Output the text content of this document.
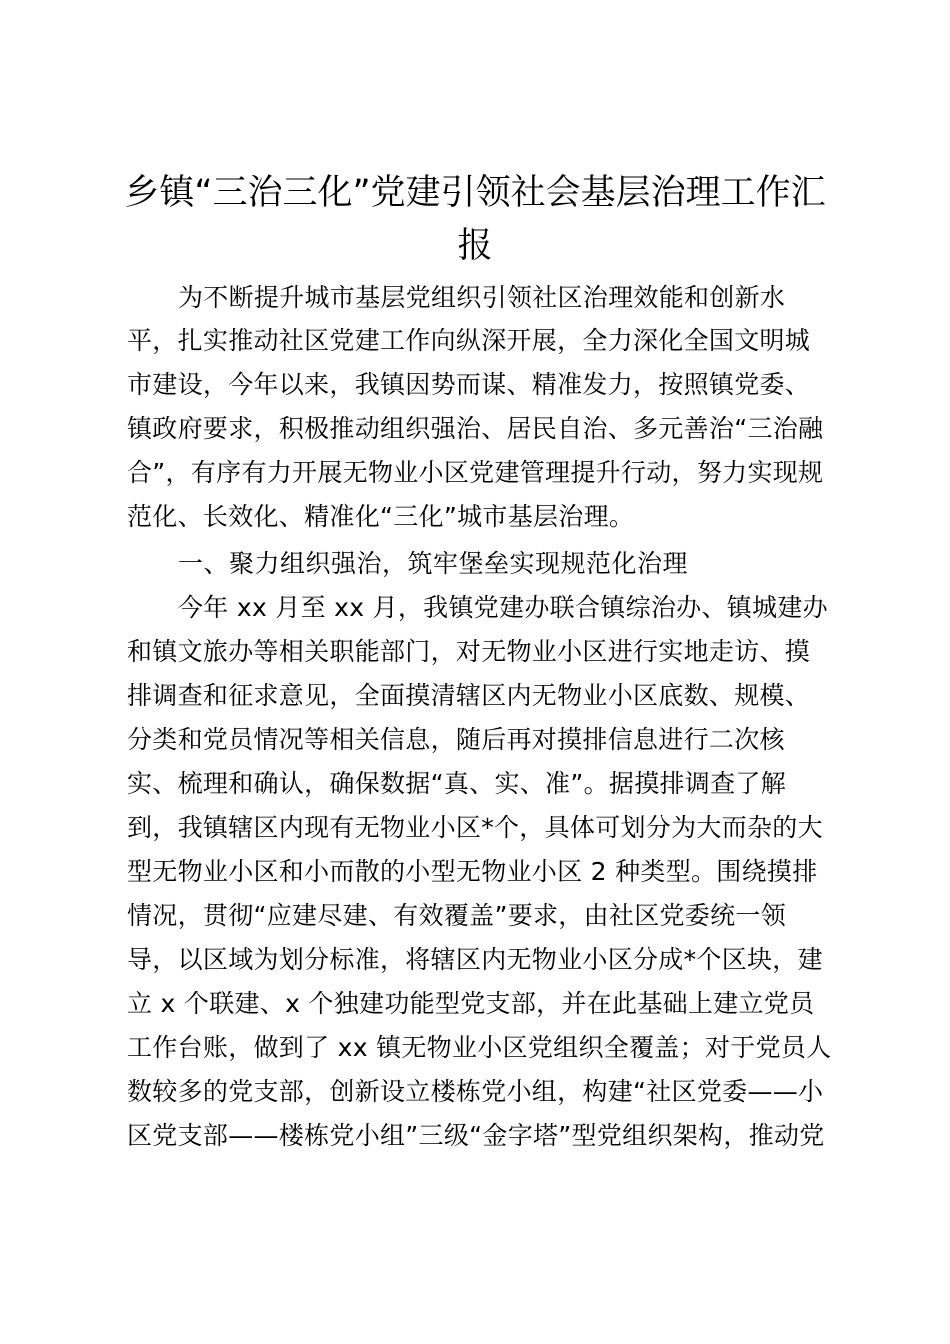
乡镇“三治三化”党建引领社会基层治理工作汇
报

为不断提升城市基层党组织引领社区治理效能和创新水

平，扎实推动社区党建工作向纵深开展，全力深化全国文明城

市建设，今年以来，我镇因势而谋、精准发力，按照镇党委、

镇政府要求，积极推动组织强治、居民自治、多元善治“三治融

合”，有序有力开展无物业小区党建管理提升行动，努力实现规

范化、长效化、精准化“三化”城市基层治理。

一、聚力组织强治，筑牢堡垒实现规范化治理

今年 xx 月至 xx 月，我镇党建办联合镇综治办、镇城建办

和镇文旅办等相关职能部门，对无物业小区进行实地走访、摸

排调查和征求意见，全面摸清辖区内无物业小区底数、规模、

分类和党员情况等相关信息，随后再对摸排信息进行二次核

实、梳理和确认，确保数据“真、实、准”。据摸排调查了解

到，我镇辖区内现有无物业小区*个，具体可划分为大而杂的大

型无物业小区和小而散的小型无物业小区 2 种类型。围绕摸排

情况，贯彻“应建尽建、有效覆盖”要求，由社区党委统一领

导，以区域为划分标准，将辖区内无物业小区分成*个区块，建

立 x 个联建、x 个独建功能型党支部，并在此基础上建立党员

工作台账，做到了 xx 镇无物业小区党组织全覆盖；对于党员人

数较多的党支部，创新设立楼栋党小组，构建“社区党委——小

区党支部——楼栋党小组”三级“金字塔”型党组织架构，推动党
